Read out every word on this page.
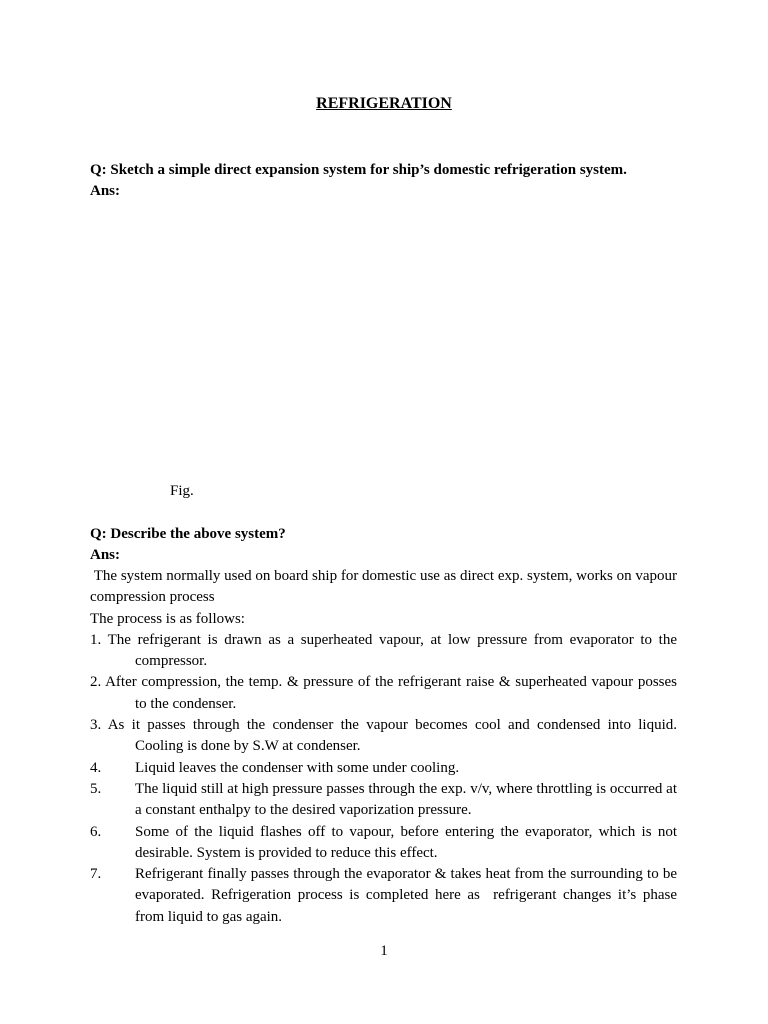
REFRIGERATION
Q: Sketch a simple direct expansion system for ship’s domestic refrigeration system.
Ans:
Fig.
Q: Describe the above system?
Ans:
The system normally used on board ship for domestic use as direct exp. system, works on vapour compression process
The process is as follows:
1. The refrigerant is drawn as a superheated vapour, at low pressure from evaporator to the compressor.
2. After compression, the temp. & pressure of the refrigerant raise & superheated vapour posses to the condenser.
3. As it passes through the condenser the vapour becomes cool and condensed into liquid. Cooling is done by S.W at condenser.
4. Liquid leaves the condenser with some under cooling.
5. The liquid still at high pressure passes through the exp. v/v, where throttling is occurred at a constant enthalpy to the desired vaporization pressure.
6. Some of the liquid flashes off to vapour, before entering the evaporator, which is not desirable. System is provided to reduce this effect.
7. Refrigerant finally passes through the evaporator & takes heat from the surrounding to be evaporated. Refrigeration process is completed here as  refrigerant changes it’s phase from liquid to gas again.
1
